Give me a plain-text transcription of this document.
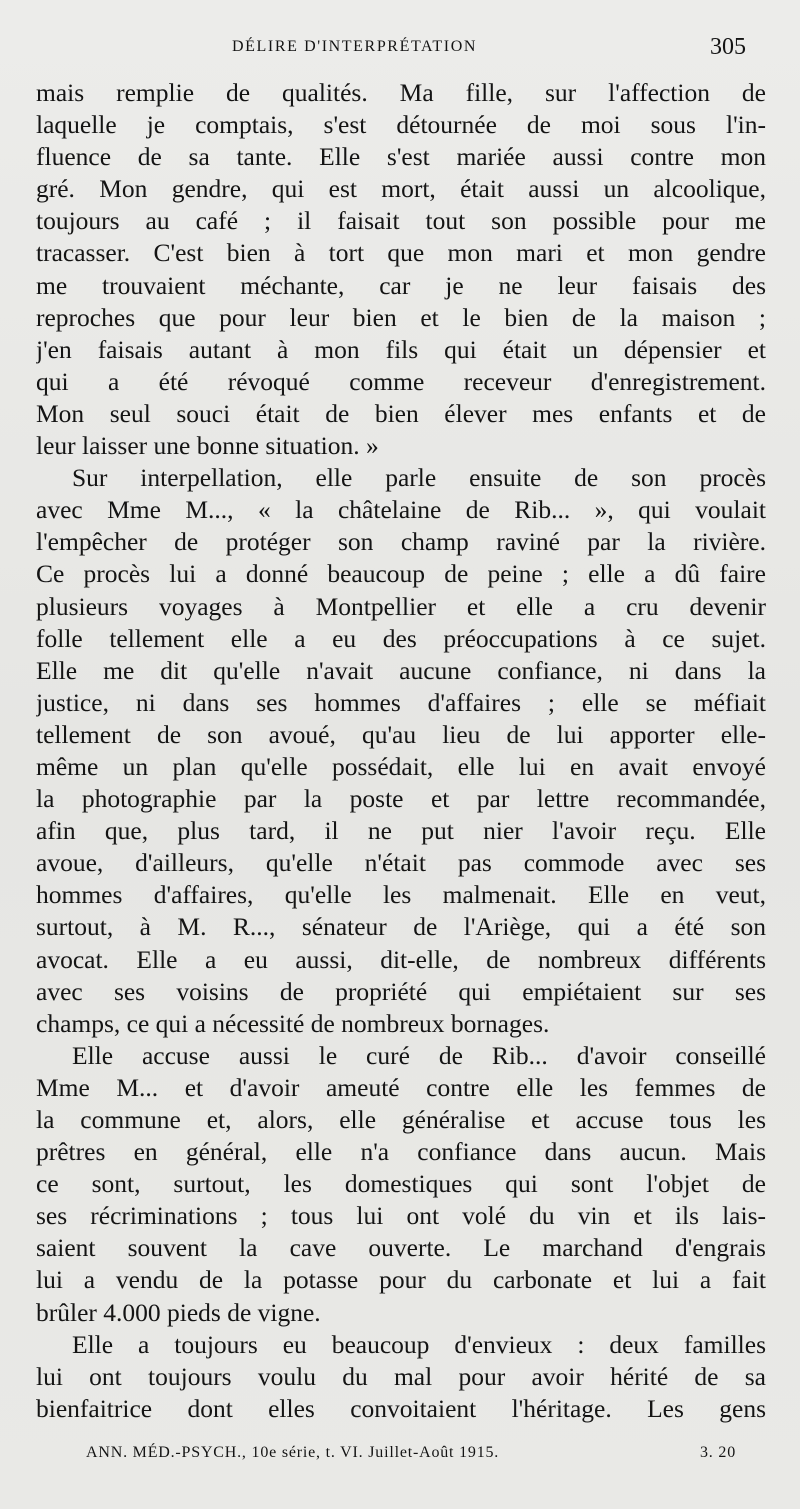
DÉLIRE D'INTERPRÉTATION	305
mais remplie de qualités. Ma fille, sur l'affection de
laquelle je comptais, s'est détournée de moi sous l'in-
fluence de sa tante. Elle s'est mariée aussi contre mon
gré. Mon gendre, qui est mort, était aussi un alcoolique,
toujours au café ; il faisait tout son possible pour me
tracasser. C'est bien à tort que mon mari et mon gendre
me trouvaient méchante, car je ne leur faisais des
reproches que pour leur bien et le bien de la maison ;
j'en faisais autant à mon fils qui était un dépensier et
qui a été révoqué comme receveur d'enregistrement.
Mon seul souci était de bien élever mes enfants et de
leur laisser une bonne situation. »
Sur interpellation, elle parle ensuite de son procès
avec Mme M..., « la châtelaine de Rib... », qui voulait
l'empêcher de protéger son champ raviné par la rivière.
Ce procès lui a donné beaucoup de peine ; elle a dû faire
plusieurs voyages à Montpellier et elle a cru devenir
folle tellement elle a eu des préoccupations à ce sujet.
Elle me dit qu'elle n'avait aucune confiance, ni dans la
justice, ni dans ses hommes d'affaires ; elle se méfiait
tellement de son avoué, qu'au lieu de lui apporter elle-
même un plan qu'elle possédait, elle lui en avait envoyé
la photographie par la poste et par lettre recommandée,
afin que, plus tard, il ne put nier l'avoir reçu. Elle
avoue, d'ailleurs, qu'elle n'était pas commode avec ses
hommes d'affaires, qu'elle les malmenait. Elle en veut,
surtout, à M. R..., sénateur de l'Ariège, qui a été son
avocat. Elle a eu aussi, dit-elle, de nombreux différents
avec ses voisins de propriété qui empiétaient sur ses
champs, ce qui a nécessité de nombreux bornages.
Elle accuse aussi le curé de Rib... d'avoir conseillé
Mme M... et d'avoir ameuté contre elle les femmes de
la commune et, alors, elle généralise et accuse tous les
prêtres en général, elle n'a confiance dans aucun. Mais
ce sont, surtout, les domestiques qui sont l'objet de
ses récriminations ; tous lui ont volé du vin et ils lais-
saient souvent la cave ouverte. Le marchand d'engrais
lui a vendu de la potasse pour du carbonate et lui a fait
brûler 4.000 pieds de vigne.
Elle a toujours eu beaucoup d'envieux : deux familles
lui ont toujours voulu du mal pour avoir hérité de sa
bienfaitrice dont elles convoitaient l'héritage. Les gens
ANN. MÉD.-PSYCH., 10e série, t. VI. Juillet-Août 1915.	3. 20
